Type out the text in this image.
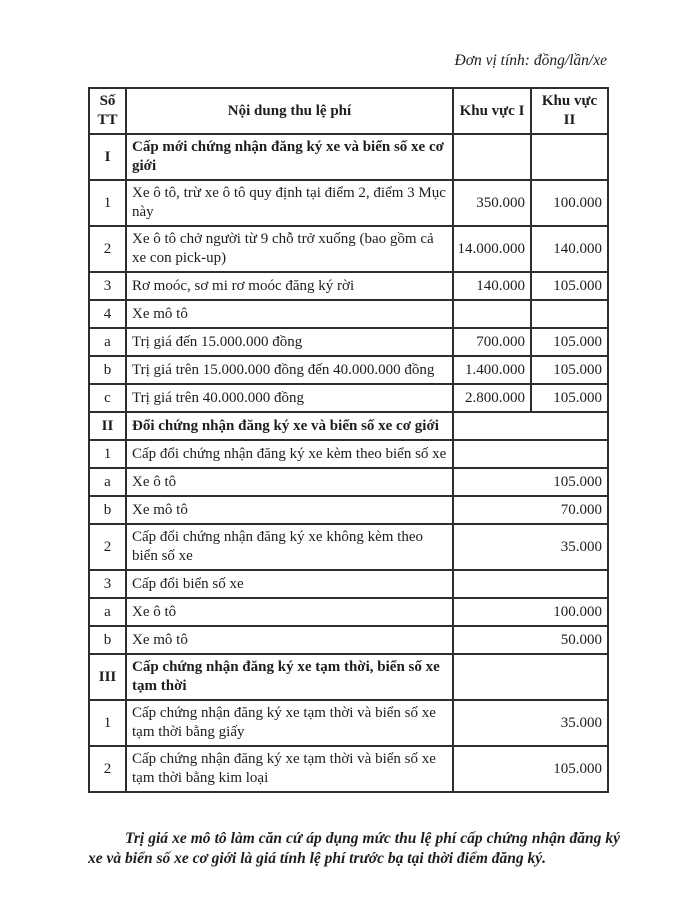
Đơn vị tính: đồng/lần/xe
Số TT	Nội dung thu lệ phí	Khu vực I	Khu vực II
I	Cấp mới chứng nhận đăng ký xe và biển số xe cơ giới		
1	Xe ô tô, trừ xe ô tô quy định tại điểm 2, điểm 3 Mục này	350.000	100.000
2	Xe ô tô chở người từ 9 chỗ trở xuống (bao gồm cả xe con pick-up)	14.000.000	140.000
3	Rơ moóc, sơ mi rơ moóc đăng ký rời	140.000	105.000
4	Xe mô tô		
a	Trị giá đến 15.000.000 đồng	700.000	105.000
b	Trị giá trên 15.000.000 đồng đến 40.000.000 đồng	1.400.000	105.000
c	Trị giá trên 40.000.000 đồng	2.800.000	105.000
II	Đổi chứng nhận đăng ký xe và biển số xe cơ giới		
1	Cấp đổi chứng nhận đăng ký xe kèm theo biển số xe		
a	Xe ô tô	105.000	
b	Xe mô tô	70.000	
2	Cấp đổi chứng nhận đăng ký xe không kèm theo biển số xe	35.000	
3	Cấp đổi biển số xe		
a	Xe ô tô	100.000	
b	Xe mô tô	50.000	
III	Cấp chứng nhận đăng ký xe tạm thời, biển số xe tạm thời		
1	Cấp chứng nhận đăng ký xe tạm thời và biển số xe tạm thời bằng giấy	35.000	
2	Cấp chứng nhận đăng ký xe tạm thời và biển số xe tạm thời bằng kim loại	105.000	
Trị giá xe mô tô làm căn cứ áp dụng mức thu lệ phí cấp chứng nhận đăng ký xe và biển số xe cơ giới là giá tính lệ phí trước bạ tại thời điểm đăng ký.
